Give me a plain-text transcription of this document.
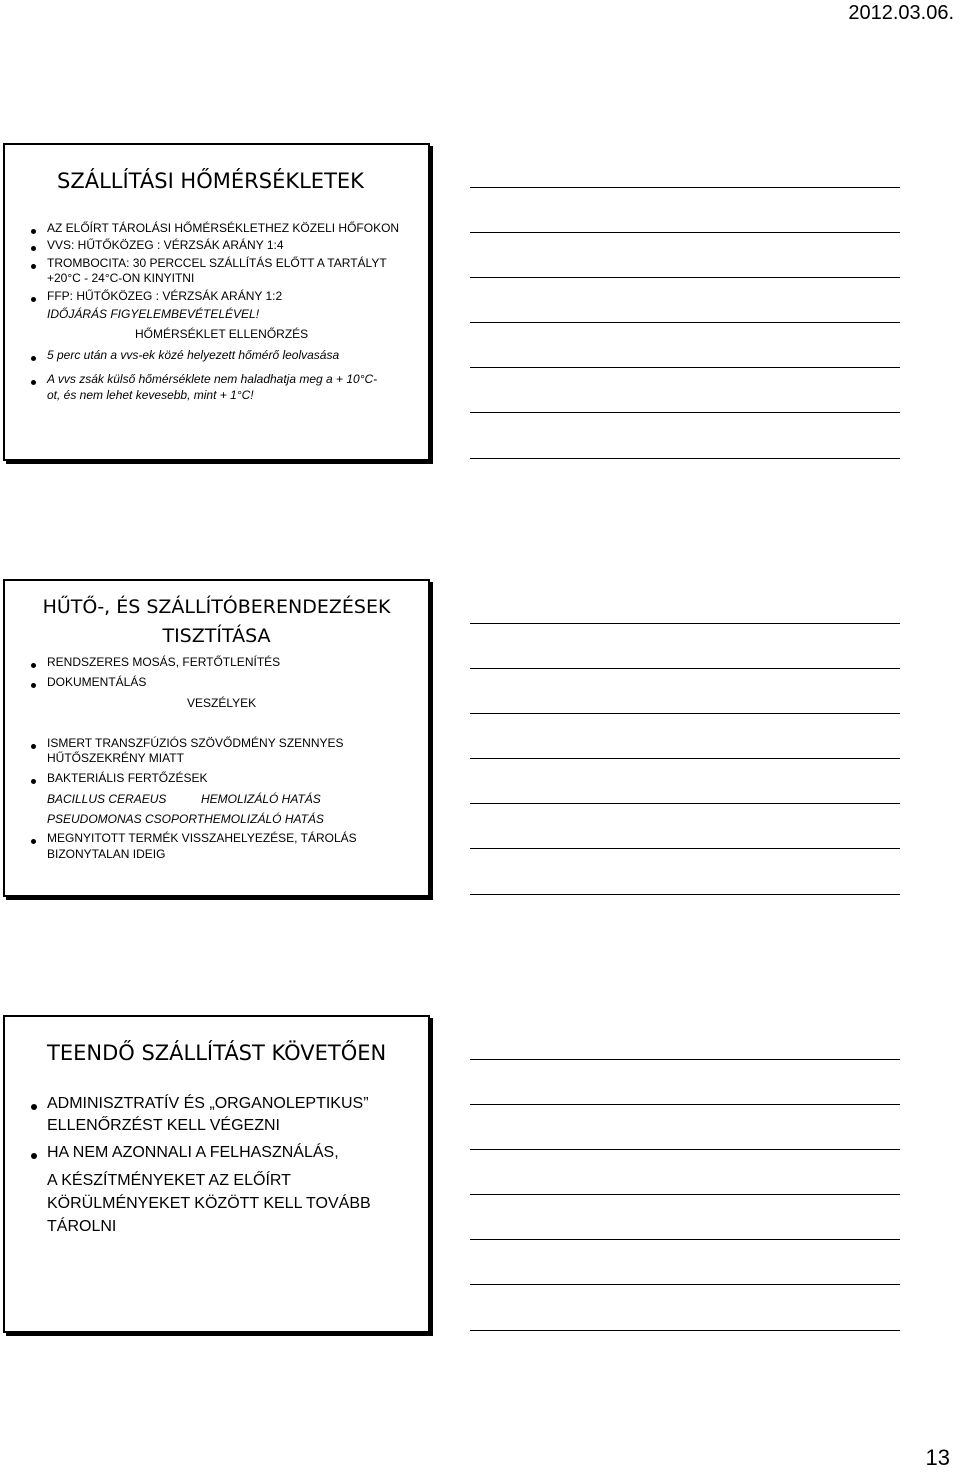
2012.03.06.
SZÁLLÍTÁSI HŐMÉRSÉKLETEK
AZ ELŐÍRT TÁROLÁSI HŐMÉRSÉKLETHEZ KÖZELI HŐFOKON
VVS: HŰTŐKÖZEG : VÉRZSÁK ARÁNY 1:4
TROMBOCITA: 30 PERCCEL SZÁLLÍTÁS ELŐTT A TARTÁLYT
+20°C - 24°C-ON KINYITNI
FFP: HŰTŐKÖZEG : VÉRZSÁK ARÁNY 1:2
IDŐJÁRÁS FIGYELEMBEVÉTELÉVEL!
HŐMÉRSÉKLET ELLENŐRZÉS
5 perc után a vvs-ek közé helyezett hőmérő leolvasása
A vvs zsák külső hőmérséklete nem haladhatja meg a + 10°C-
ot, és nem lehet kevesebb, mint + 1°C!
HŰTŐ-, ÉS SZÁLLÍTÓBERENDEZÉSEK
TISZTÍTÁSA
RENDSZERES MOSÁS, FERTŐTLENÍTÉS
DOKUMENTÁLÁS
VESZÉLYEK
ISMERT TRANSZFÚZIÓS SZÖVŐDMÉNY SZENNYES
HŰTŐSZEKRÉNY MIATT
BAKTERIÁLIS FERTŐZÉSEK
BACILLUS CERAEUS	HEMOLIZÁLÓ HATÁS
PSEUDOMONAS CSOPORTHEMOLIZÁLÓ HATÁS
MEGNYITOTT TERMÉK VISSZAHELYEZÉSE, TÁROLÁS
BIZONYTALAN IDEIG
TEENDŐ SZÁLLÍTÁST KÖVETŐEN
ADMINISZTRATÍV ÉS „ORGANOLEPTIKUS”
ELLENŐRZÉST KELL VÉGEZNI
HA NEM AZONNALI A FELHASZNÁLÁS,
A KÉSZÍTMÉNYEKET AZ ELŐÍRT
KÖRÜLMÉNYEKET KÖZÖTT KELL TOVÁBB
TÁROLNI
13
